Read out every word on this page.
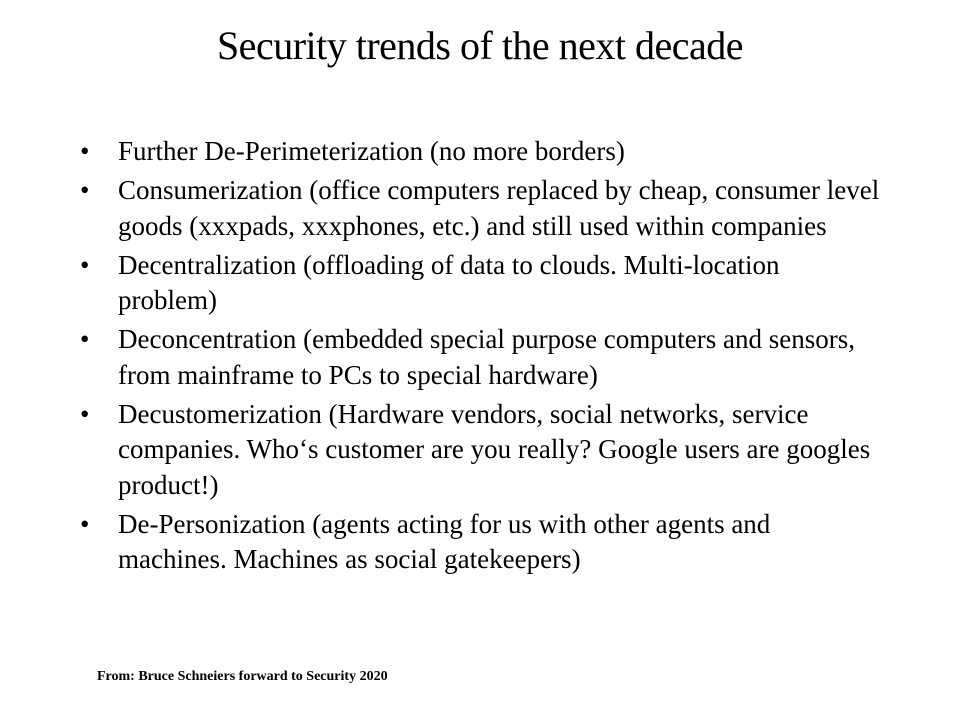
Security trends of the next decade
•	Further De-Perimeterization (no more borders)
•	Consumerization (office computers replaced by cheap, consumer level goods (xxxpads, xxxphones, etc.) and still used within companies
•	Decentralization (offloading of data to clouds. Multi-location problem)
•	Deconcentration (embedded special purpose computers and sensors, from mainframe to PCs to special hardware)
•	Decustomerization (Hardware vendors, social networks, service companies. Who‘s customer are you really? Google users are googles product!)
•	De-Personization (agents acting for us with other agents and machines. Machines as social gatekeepers)
From: Bruce Schneiers forward to Security 2020
